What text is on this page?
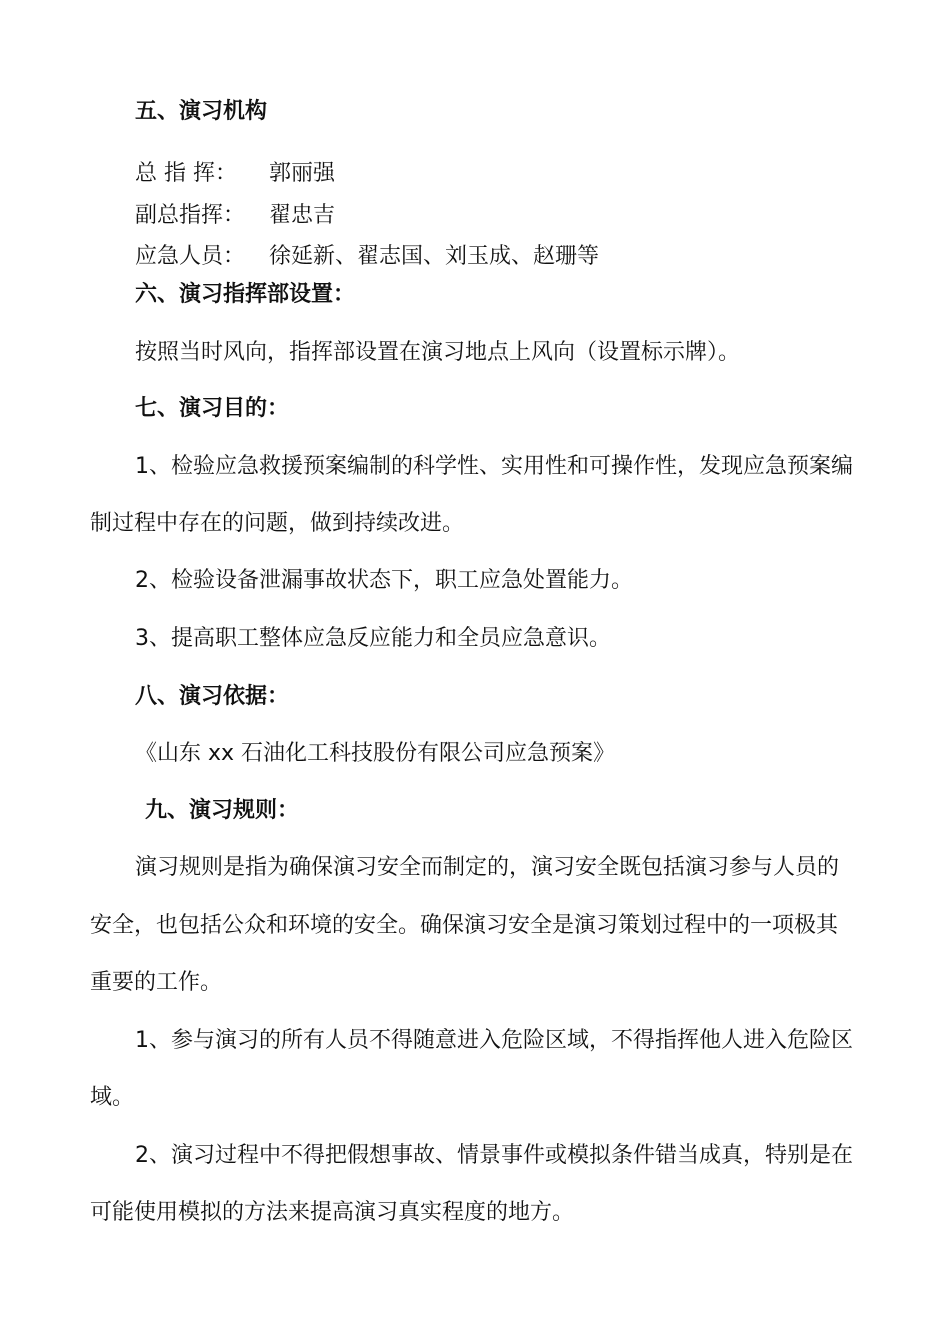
五、演习机构

总 指 挥： 郭丽强

副总指挥： 翟忠吉

应急人员： 徐延新、翟志国、刘玉成、赵珊等

六、演习指挥部设置：

按照当时风向，指挥部设置在演习地点上风向（设置标示牌）。

七、演习目的：

1、检验应急救援预案编制的科学性、实用性和可操作性，发现应急预案编

制过程中存在的问题，做到持续改进。

2、检验设备泄漏事故状态下，职工应急处置能力。

3、提高职工整体应急反应能力和全员应急意识。

八、演习依据：

《山东 xx 石油化工科技股份有限公司应急预案》

九、演习规则：

演习规则是指为确保演习安全而制定的，演习安全既包括演习参与人员的

安全，也包括公众和环境的安全。确保演习安全是演习策划过程中的一项极其

重要的工作。

1、参与演习的所有人员不得随意进入危险区域，不得指挥他人进入危险区

域。

2、演习过程中不得把假想事故、情景事件或模拟条件错当成真，特别是在

可能使用模拟的方法来提高演习真实程度的地方。
